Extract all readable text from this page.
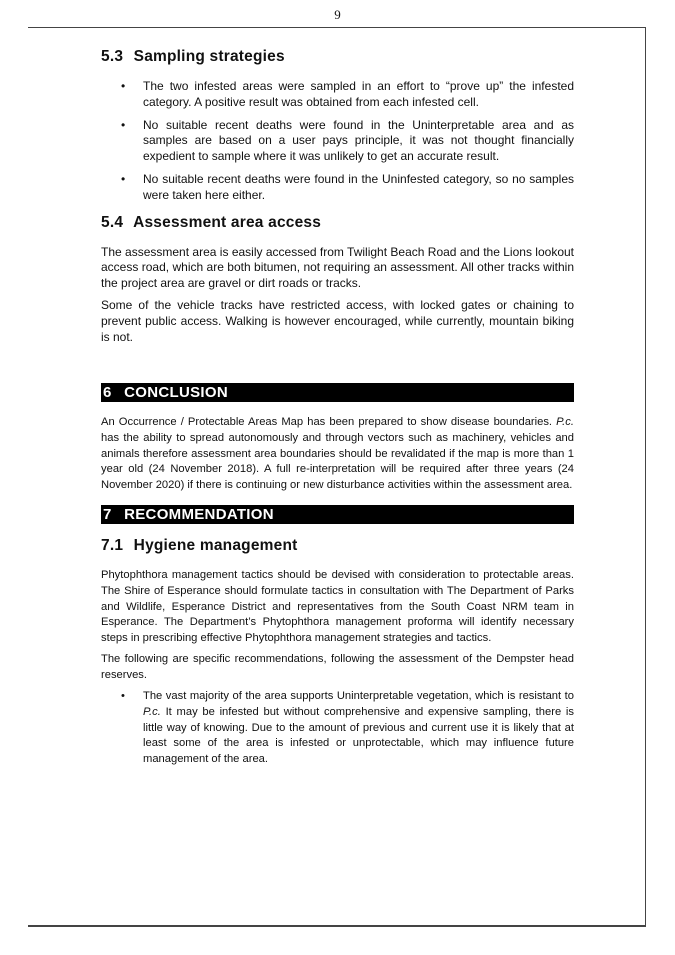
9
5.3 Sampling strategies
• The two infested areas were sampled in an effort to “prove up” the infested category. A positive result was obtained from each infested cell.
• No suitable recent deaths were found in the Uninterpretable area and as samples are based on a user pays principle, it was not thought financially expedient to sample where it was unlikely to get an accurate result.
• No suitable recent deaths were found in the Uninfested category, so no samples were taken here either.
5.4 Assessment area access

The assessment area is easily accessed from Twilight Beach Road and the Lions lookout access road, which are both bitumen, not requiring an assessment. All other tracks within the project area are gravel or dirt roads or tracks.

Some of the vehicle tracks have restricted access, with locked gates or chaining to prevent public access. Walking is however encouraged, while currently, mountain biking is not.

6 CONCLUSION

An Occurrence / Protectable Areas Map has been prepared to show disease boundaries. P.c. has the ability to spread autonomously and through vectors such as machinery, vehicles and animals therefore assessment area boundaries should be revalidated if the map is more than 1 year old (24 November 2018). A full re-interpretation will be required after three years (24 November 2020) if there is continuing or new disturbance activities within the assessment area.

7 RECOMMENDATION
7.1 Hygiene management

Phytophthora management tactics should be devised with consideration to protectable areas. The Shire of Esperance should formulate tactics in consultation with The Department of Parks and Wildlife, Esperance District and representatives from the South Coast NRM team in Esperance. The Department’s Phytophthora management proforma will identify necessary steps in prescribing effective Phytophthora management strategies and tactics.

The following are specific recommendations, following the assessment of the Dempster head reserves.

• The vast majority of the area supports Uninterpretable vegetation, which is resistant to P.c. It may be infested but without comprehensive and expensive sampling, there is little way of knowing. Due to the amount of previous and current use it is likely that at least some of the area is infested or unprotectable, which may influence future management of the area.
